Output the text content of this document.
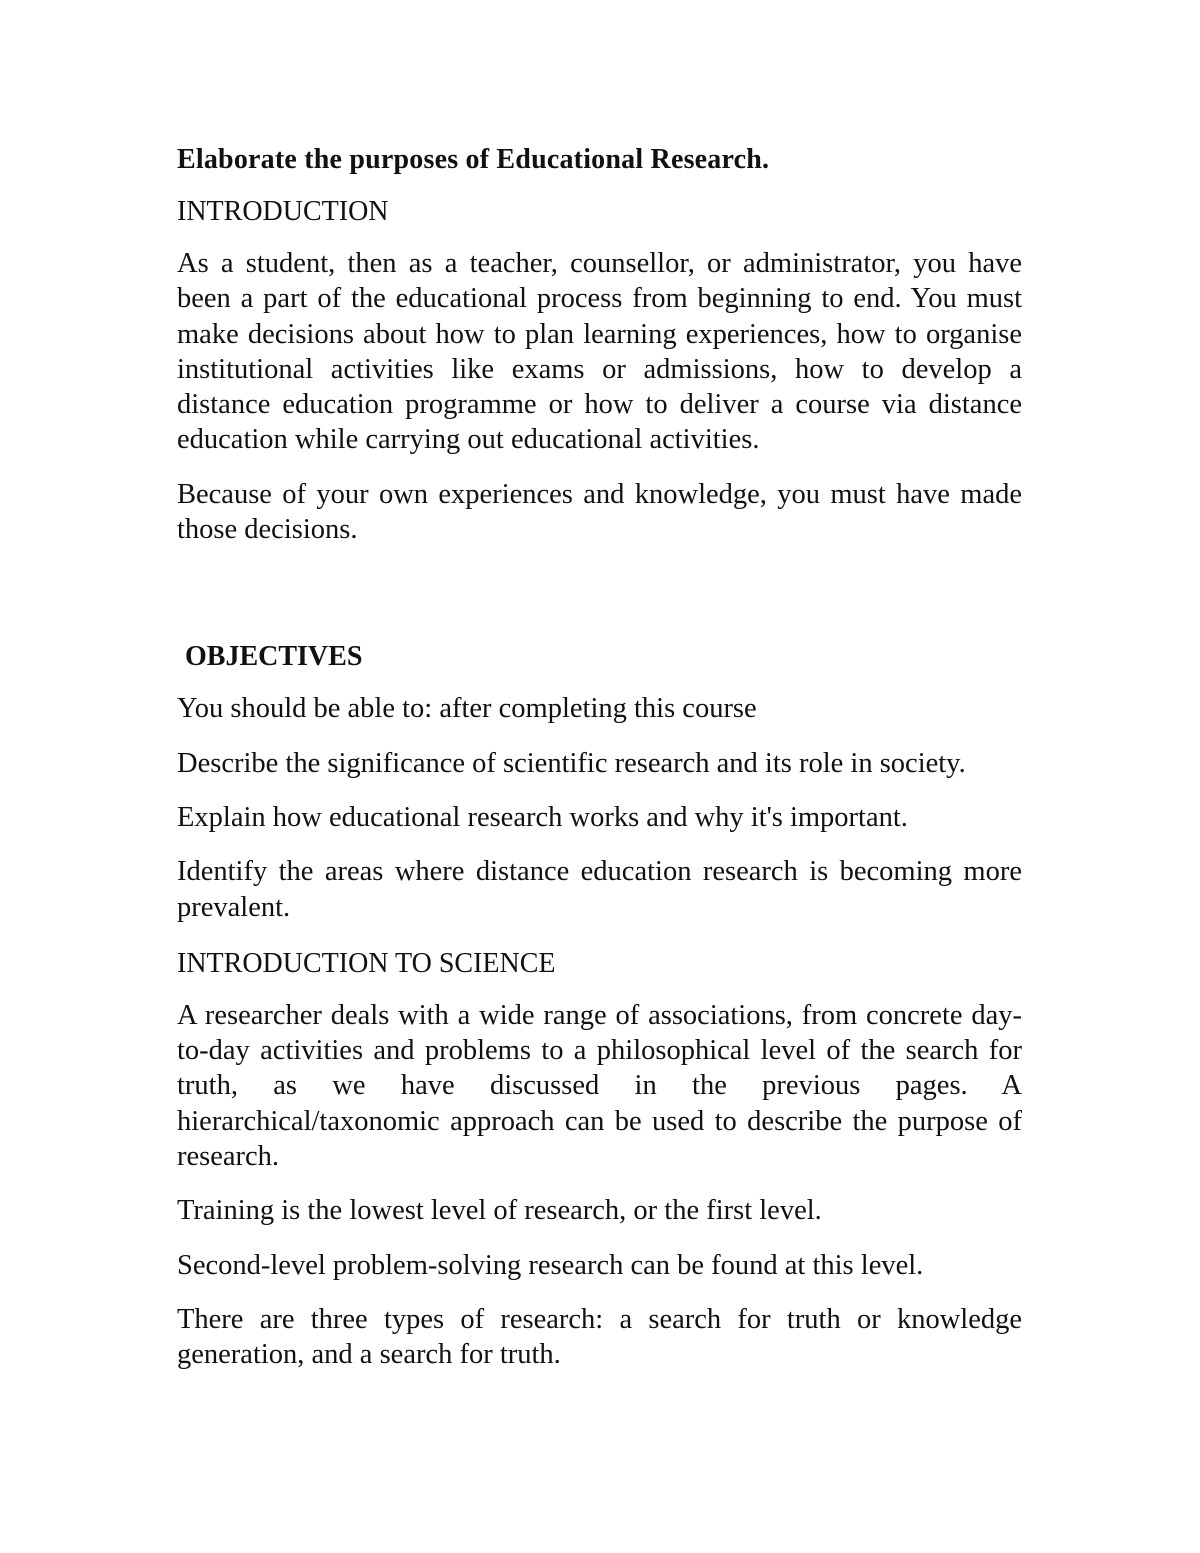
Elaborate the purposes of Educational Research.
INTRODUCTION

As a student, then as a teacher, counsellor, or administrator, you have been a part of the educational process from beginning to end. You must make decisions about how to plan learning experiences, how to organise institutional activities like exams or admissions, how to develop a distance education programme or how to deliver a course via distance education while carrying out educational activities.

Because of your own experiences and knowledge, you must have made those decisions.

OBJECTIVES

You should be able to: after completing this course

Describe the significance of scientific research and its role in society.

Explain how educational research works and why it's important.

Identify the areas where distance education research is becoming more prevalent.

INTRODUCTION TO SCIENCE

A researcher deals with a wide range of associations, from concrete day-to-day activities and problems to a philosophical level of the search for truth, as we have discussed in the previous pages. A hierarchical/taxonomic approach can be used to describe the purpose of research.

Training is the lowest level of research, or the first level.

Second-level problem-solving research can be found at this level.

There are three types of research: a search for truth or knowledge generation, and a search for truth.
